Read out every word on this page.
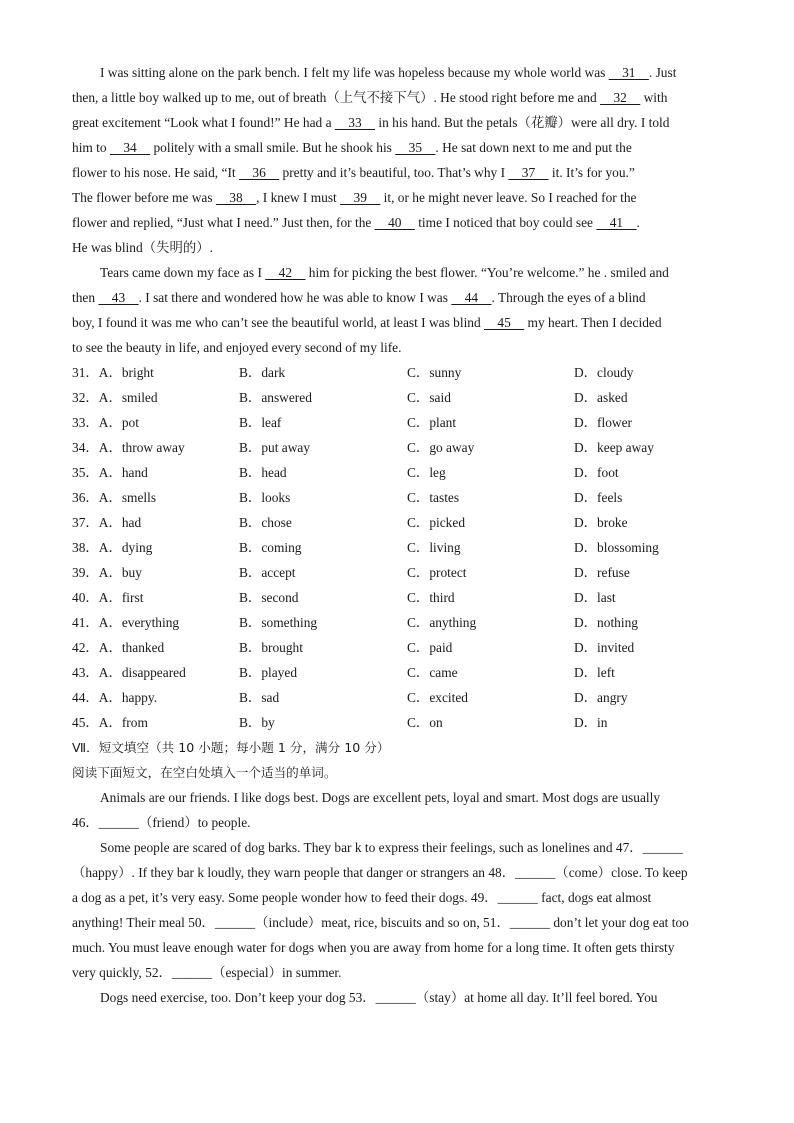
I was sitting alone on the park bench. I felt my life was hopeless because my whole world was     31    . Just
then, a little boy walked up to me, out of breath（上气不接下气）. He stood right before me and     32     with
great excitement “Look what I found!” He had a     33     in his hand. But the petals（花瓣）were all dry. I told
him to     34     politely with a small smile. But he shook his     35    . He sat down next to me and put the
flower to his nose. He said, “It     36     pretty and it’s beautiful, too. That’s why I     37     it. It’s for you.”
The flower before me was     38    , I knew I must     39     it, or he might never leave. So I reached for the
flower and replied, “Just what I need.” Just then, for the     40     time I noticed that boy could see     41    .
He was blind（失明的）.
Tears came down my face as I     42     him for picking the best flower. “You’re welcome.” he . smiled and
then     43    . I sat there and wondered how he was able to know I was     44    . Through the eyes of a blind
boy, I found it was me who can’t see the beautiful world, at least I was blind     45     my heart. Then I decided
to see the beauty in life, and enjoyed every second of my life.
31．A．bright	B．dark	C．sunny	D．cloudy
32．A．smiled	B．answered	C．said	D．asked
33．A．pot	B．leaf	C．plant	D．flower
34．A．throw away	B．put away	C．go away	D．keep away
35．A．hand	B．head	C．leg	D．foot
36．A．smells	B．looks	C．tastes	D．feels
37．A．had	B．chose	C．picked	D．broke
38．A．dying	B．coming	C．living	D．blossoming
39．A．buy	B．accept	C．protect	D．refuse
40．A．first	B．second	C．third	D．last
41．A．everything	B．something	C．anything	D．nothing
42．A．thanked	B．brought	C．paid	D．invited
43．A．disappeared	B．played	C．came	D．left
44．A．happy.	B．sad	C．excited	D．angry
45．A．from	B．by	C．on	D．in
Ⅶ．短文填空（共 10 小题；每小题 1 分，满分 10 分）
阅读下面短文，在空白处填入一个适当的单词。
Animals are our friends. I like dogs best. Dogs are excellent pets, loyal and smart. Most dogs are usually
46．______（friend）to people.
Some people are scared of dog barks. They bar k to express their feelings, such as lonelines and 47．______
（happy）. If they bar k loudly, they warn people that danger or strangers an 48．______（come）close. To keep
a dog as a pet, it’s very easy. Some people wonder how to feed their dogs. 49．______ fact, dogs eat almost
anything! Their meal 50．______（include）meat, rice, biscuits and so on, 51．______ don’t let your dog eat too
much. You must leave enough water for dogs when you are away from home for a long time. It often gets thirsty
very quickly, 52．______（especial）in summer.
Dogs need exercise, too. Don’t keep your dog 53．______（stay）at home all day. It’ll feel bored. You
